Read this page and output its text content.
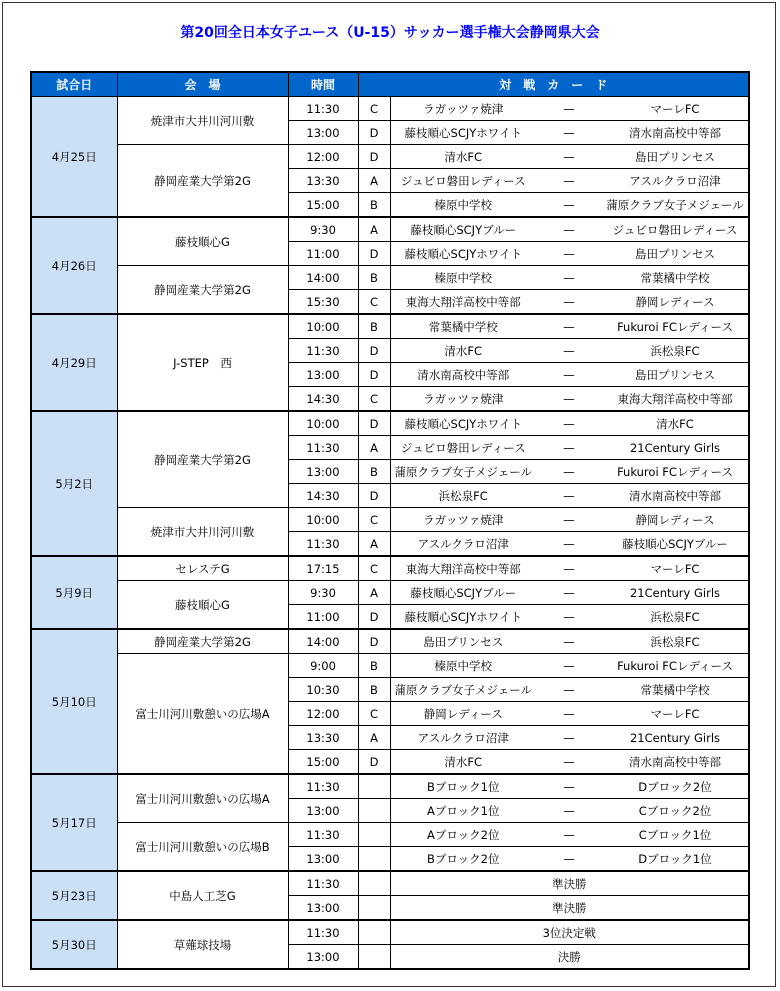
第20回全日本女子ユース（U-15）サッカー選手権大会静岡県大会
試合日	会　場	時間	対　戦　カ　ー　ド			
4月25日	焼津市大井川河川敷	11:30	C	ラガッツァ焼津	—	マーレFC
		13:00	D	藤枝順心SCJYホワイト	—	清水南高校中等部
	静岡産業大学第2G	12:00	D	清水FC	—	島田プリンセス
		13:30	A	ジュビロ磐田レディース	—	アスルクラロ沼津
		15:00	B	榛原中学校	—	蒲原クラブ女子メジェール
4月26日	藤枝順心G	9:30	A	藤枝順心SCJYブルー	—	ジュビロ磐田レディース
		11:00	D	藤枝順心SCJYホワイト	—	島田プリンセス
	静岡産業大学第2G	14:00	B	榛原中学校	—	常葉橘中学校
		15:30	C	東海大翔洋高校中等部	—	静岡レディース
4月29日	J-STEP　西	10:00	B	常葉橘中学校	—	Fukuroi FCレディース
		11:30	D	清水FC	—	浜松泉FC
		13:00	D	清水南高校中等部	—	島田プリンセス
		14:30	C	ラガッツァ焼津	—	東海大翔洋高校中等部
5月2日	静岡産業大学第2G	10:00	D	藤枝順心SCJYホワイト	—	清水FC
		11:30	A	ジュビロ磐田レディース	—	21Century Girls
		13:00	B	蒲原クラブ女子メジェール	—	Fukuroi FCレディース
		14:30	D	浜松泉FC	—	清水南高校中等部
	焼津市大井川河川敷	10:00	C	ラガッツァ焼津	—	静岡レディース
		11:30	A	アスルクラロ沼津	—	藤枝順心SCJYブルー
5月9日	セレステG	17:15	C	東海大翔洋高校中等部	—	マーレFC
	藤枝順心G	9:30	A	藤枝順心SCJYブルー	—	21Century Girls
		11:00	D	藤枝順心SCJYホワイト	—	浜松泉FC
5月10日	静岡産業大学第2G	14:00	D	島田プリンセス	—	浜松泉FC
	富士川河川敷憩いの広場A	9:00	B	榛原中学校	—	Fukuroi FCレディース
		10:30	B	蒲原クラブ女子メジェール	—	常葉橘中学校
		12:00	C	静岡レディース	—	マーレFC
		13:30	A	アスルクラロ沼津	—	21Century Girls
		15:00	D	清水FC	—	清水南高校中等部
5月17日	富士川河川敷憩いの広場A	11:30		Bブロック1位	—	Dブロック2位
		13:00		Aブロック1位	—	Cブロック2位
	富士川河川敷憩いの広場B	11:30		Aブロック2位	—	Cブロック1位
		13:00		Bブロック2位	—	Dブロック1位
5月23日	中島人工芝G	11:30		準決勝		
		13:00		準決勝		
5月30日	草薙球技場	11:30		3位決定戦		
		13:00		決勝		
